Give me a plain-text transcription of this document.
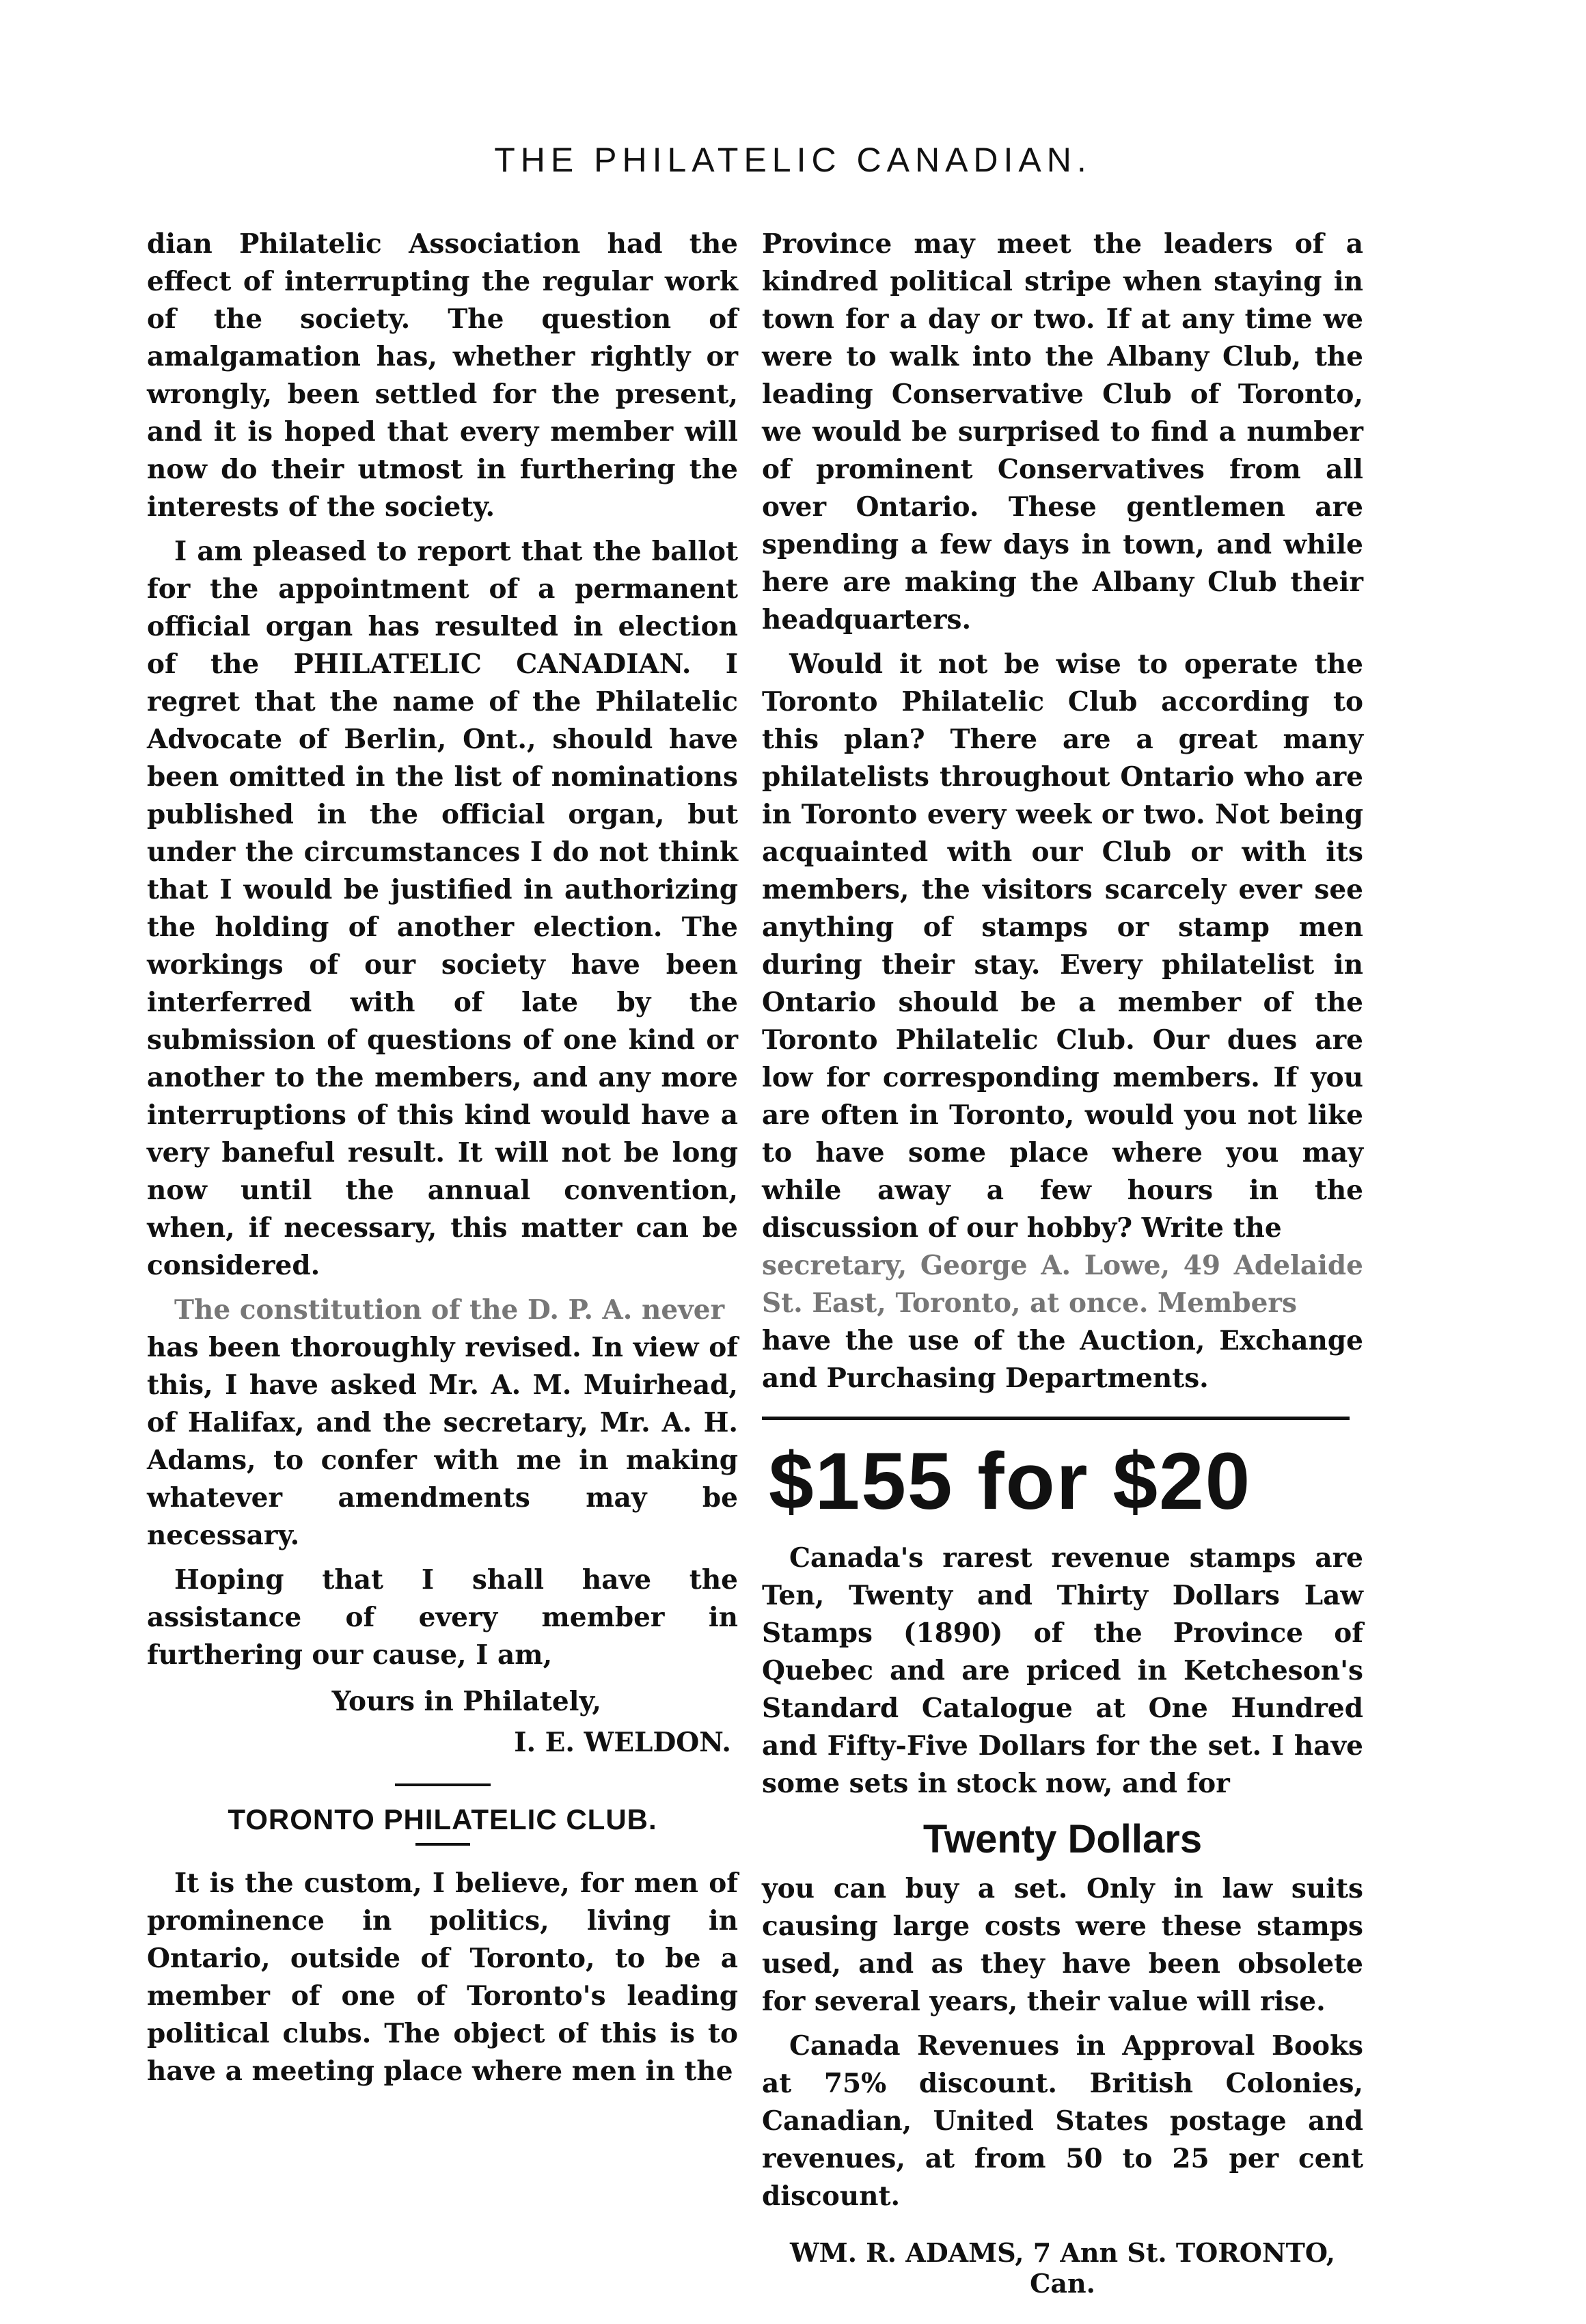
THE PHILATELIC CANADIAN.

dian Philatelic Association had the effect of interrupting the regular work of the society. The question of amalgamation has, whether rightly or wrongly, been settled for the present, and it is hoped that every member will now do their utmost in furthering the interests of the society.

I am pleased to report that the ballot for the appointment of a permanent official organ has resulted in election of the PHILATELIC CANADIAN. I regret that the name of the Philatelic Advocate of Berlin, Ont., should have been omitted in the list of nominations published in the official organ, but under the circumstances I do not think that I would be justified in authorizing the holding of another election. The workings of our society have been interferred with of late by the submission of questions of one kind or another to the members, and any more interruptions of this kind would have a very baneful result. It will not be long now until the annual convention, when, if necessary, this matter can be considered.

The constitution of the D. P. A. never

has been thoroughly revised. In view of this, I have asked Mr. A. M. Muirhead, of Halifax, and the secretary, Mr. A. H. Adams, to confer with me in making whatever amendments may be necessary.

Hoping that I shall have the assistance of every member in furthering our cause, I am,

Yours in Philately,
I. E. WELDON.
TORONTO PHILATELIC CLUB.

It is the custom, I believe, for men of prominence in politics, living in Ontario, outside of Toronto, to be a member of one of Toronto's leading political clubs. The object of this is to have a meeting place where men in the

Province may meet the leaders of a kindred political stripe when staying in town for a day or two. If at any time we were to walk into the Albany Club, the leading Conservative Club of Toronto, we would be surprised to find a number of prominent Conservatives from all over Ontario. These gentlemen are spending a few days in town, and while here are making the Albany Club their headquarters.

Would it not be wise to operate the Toronto Philatelic Club according to this plan? There are a great many philatelists throughout Ontario who are in Toronto every week or two. Not being acquainted with our Club or with its members, the visitors scarcely ever see anything of stamps or stamp men during their stay. Every philatelist in Ontario should be a member of the Toronto Philatelic Club. Our dues are low for corresponding members. If you are often in Toronto, would you not like to have some place where you may while away a few hours in the discussion of our hobby? Write the

secretary, George A. Lowe, 49 Adelaide St. East, Toronto, at once. Members

have the use of the Auction, Exchange and Purchasing Departments.

$155 for $20

Canada's rarest revenue stamps are Ten, Twenty and Thirty Dollars Law Stamps (1890) of the Province of Quebec and are priced in Ketcheson's Standard Catalogue at One Hundred and Fifty-Five Dollars for the set. I have some sets in stock now, and for

Twenty Dollars

you can buy a set. Only in law suits causing large costs were these stamps used, and as they have been obsolete for several years, their value will rise.

Canada Revenues in Approval Books at 75% discount. British Colonies, Canadian, United States postage and revenues, at from 50 to 25 per cent discount.

WM. R. ADAMS, 7 Ann St. TORONTO, Can.
